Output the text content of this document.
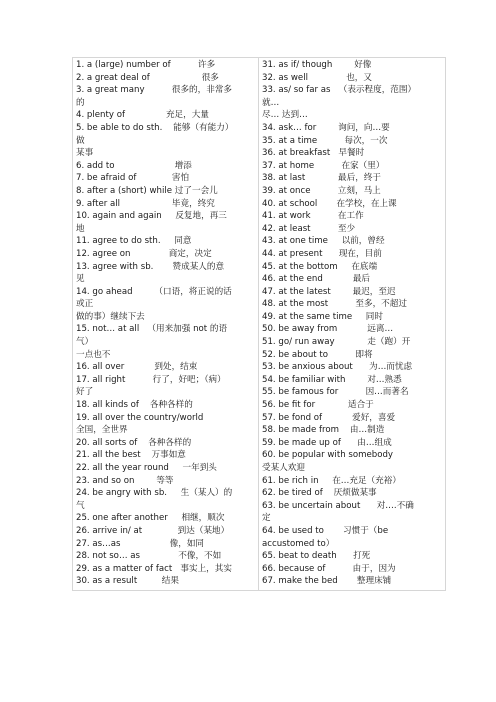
1. a (large) number of          许多
2. a great deal of                   很多
3. a great many          很多的，非常多
的
4. plenty of               充足，大量
5. be able to do sth.    能够（有能力）
做
某事
6. add to                      增添
7. be afraid of             害怕
8. after a (short) while 过了一会儿
9. after all                   毕竟，终究
10. again and again     反复地，再三
地
11. agree to do sth.     同意
12. agree on              商定，决定
13. agree with sb.       赞成某人的意
见
14. go ahead        （口语，将正说的话
或正
做的事）继续下去
15. not… at all   （用来加强 not 的语
气）
一点也不
16. all over           到处，结束
17. all right          行了，好吧；（病）
好了
18. all kinds of    各种各样的
19. all over the country/world
全国，全世界
20. all sorts of    各种各样的
21. all the best    万事如意
22. all the year round     一年到头
23. and so on        等等
24. be angry with sb.     生（某人）的
气
25. one after another     相继，顺次
26. arrive in/ at             到达（某地）
27. as…as                  像，如同
28. not so… as              不像，不如
29. as a matter of fact   事实上，其实
30. as a result         结果
31. as if/ though        好像
32. as well              也，又
33. as/ so far as   （表示程度，范围）
就…
尽… 达到…
34. ask… for        询问，向…要
35. at a time          每次，一次
36. at breakfast   早餐时
37. at home          在家（里）
38. at last            最后，终于
39. at once          立刻，马上
40. at school       在学校，在上课
41. at work          在工作
42. at least          至少
43. at one time     以前，曾经
44. at present      现在，目前
45. at the bottom     在底端
46. at the end           最后
47. at the latest        最迟，至迟
48. at the most          至多，不超过
49. at the same time     同时
50. be away from           远离…
51. go/ run away            走（跑）开
52. be about to          即将
53. be anxious about      为…而忧虑
54. be familiar with        对…熟悉
55. be famous for          因…而著名
56. be fit for            适合于
57. be fond of           爱好，喜爱
58. be made from    由…制造
59. be made up of      由…组成
60. be popular with somebody
受某人欢迎
61. be rich in     在…充足（充裕）
62. be tired of    厌烦做某事
63. be uncertain about      对….不确
定
64. be used to       习惯于（be
accustomed to）
65. beat to death      打死
66. because of          由于，因为
67. make the bed       整理床铺
